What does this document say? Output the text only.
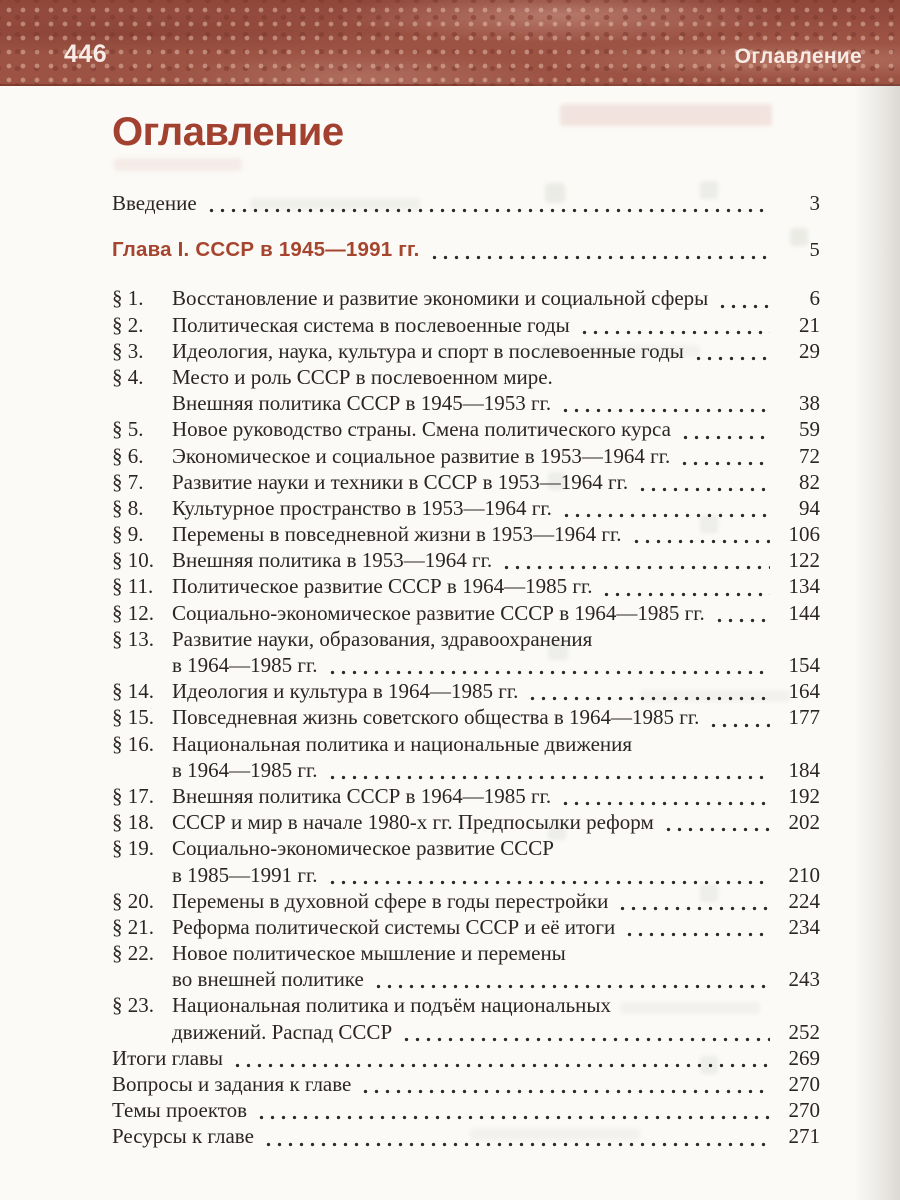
446	Оглавление
Оглавление
Введение	3
Глава I. СССР в 1945—1991 гг.	5
§ 1.	Восстановление и развитие экономики и социальной сферы	6
§ 2.	Политическая система в послевоенные годы	21
§ 3.	Идеология, наука, культура и спорт в послевоенные годы	29
§ 4.	Место и роль СССР в послевоенном мире.
Внешняя политика СССР в 1945—1953 гг.	38
§ 5.	Новое руководство страны. Смена политического курса	59
§ 6.	Экономическое и социальное развитие в 1953—1964 гг.	72
§ 7.	Развитие науки и техники в СССР в 1953—1964 гг.	82
§ 8.	Культурное пространство в 1953—1964 гг.	94
§ 9.	Перемены в повседневной жизни в 1953—1964 гг.	106
§ 10. Внешняя политика в 1953—1964 гг.	122
§ 11. Политическое развитие СССР в 1964—1985 гг.	134
§ 12. Социально-экономическое развитие СССР в 1964—1985 гг.	144
§ 13. Развитие науки, образования, здравоохранения
в 1964—1985 гг.	154
§ 14. Идеология и культура в 1964—1985 гг.	164
§ 15. Повседневная жизнь советского общества в 1964—1985 гг.	177
§ 16. Национальная политика и национальные движения
в 1964—1985 гг.	184
§ 17. Внешняя политика СССР в 1964—1985 гг.	192
§ 18. СССР и мир в начале 1980-х гг. Предпосылки реформ	202
§ 19. Социально-экономическое развитие СССР
в 1985—1991 гг.	210
§ 20. Перемены в духовной сфере в годы перестройки	224
§ 21. Реформа политической системы СССР и её итоги	234
§ 22. Новое политическое мышление и перемены
во внешней политике	243
§ 23. Национальная политика и подъём национальных
движений. Распад СССР	252
Итоги главы	269
Вопросы и задания к главе	270
Темы проектов	270
Ресурсы к главе	271
